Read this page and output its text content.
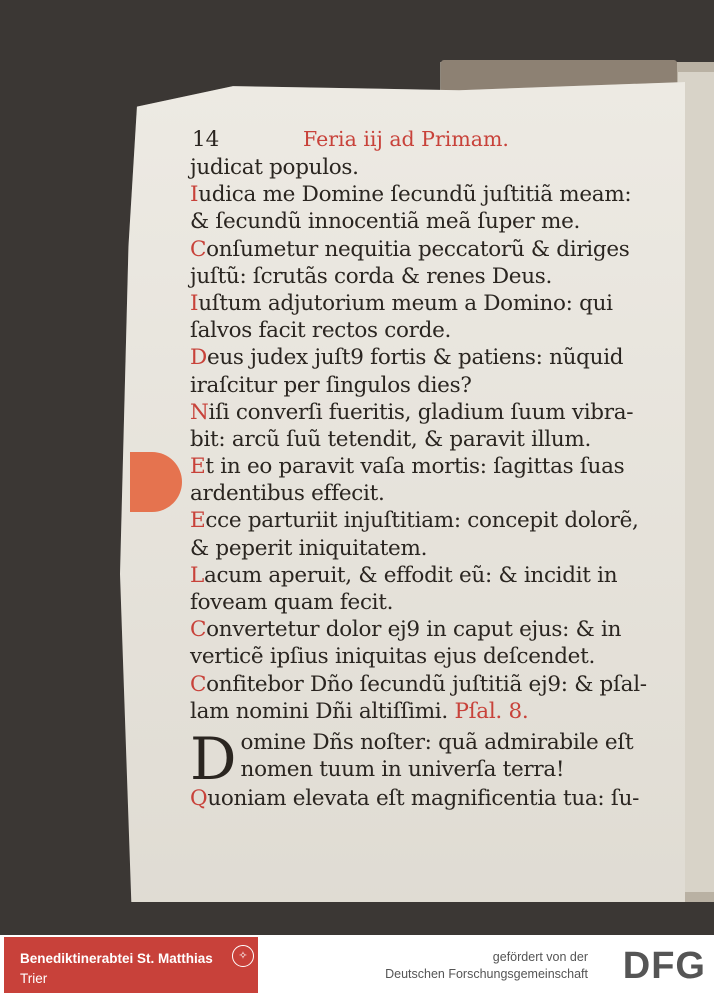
14	Feria iij ad Primam.
judicat populos.
Iudica me Domine ſecundũ juſtitiã meam:
& ſecundũ innocentiã meã ſuper me.
Conſumetur nequitia peccatorũ & diriges
juſtũ: ſcrutãs corda & renes Deus.
Iuſtum adjutorium meum a Domino: qui
ſalvos facit rectos corde.
Deus judex juſt9 fortis & patiens: nũquid
iraſcitur per ſingulos dies?
Niſi converſi fueritis, gladium ſuum vibra-
bit: arcũ ſuũ tetendit, & paravit illum.
Et in eo paravit vaſa mortis: ſagittas ſuas
ardentibus effecit.
Ecce parturiit injuſtitiam: concepit dolorẽ,
& peperit iniquitatem.
Lacum aperuit, & effodit eũ: & incidit in
foveam quam fecit.
Convertetur dolor ej9 in caput ejus: & in
verticẽ ipſius iniquitas ejus deſcendet.
Confitebor Dño ſecundũ juſtitiã ej9: & pſal-
lam nomini Dñi altiſſimi. Pſal. 8.
D omine Dñs noſter: quã admirabile eſt
nomen tuum in univerſa terra!
Quoniam elevata eſt magnificentia tua: ſu-
Benediktinerabtei St. Matthias
Trier
✧	gefördert von der
Deutschen Forschungsgemeinschaft DFG
